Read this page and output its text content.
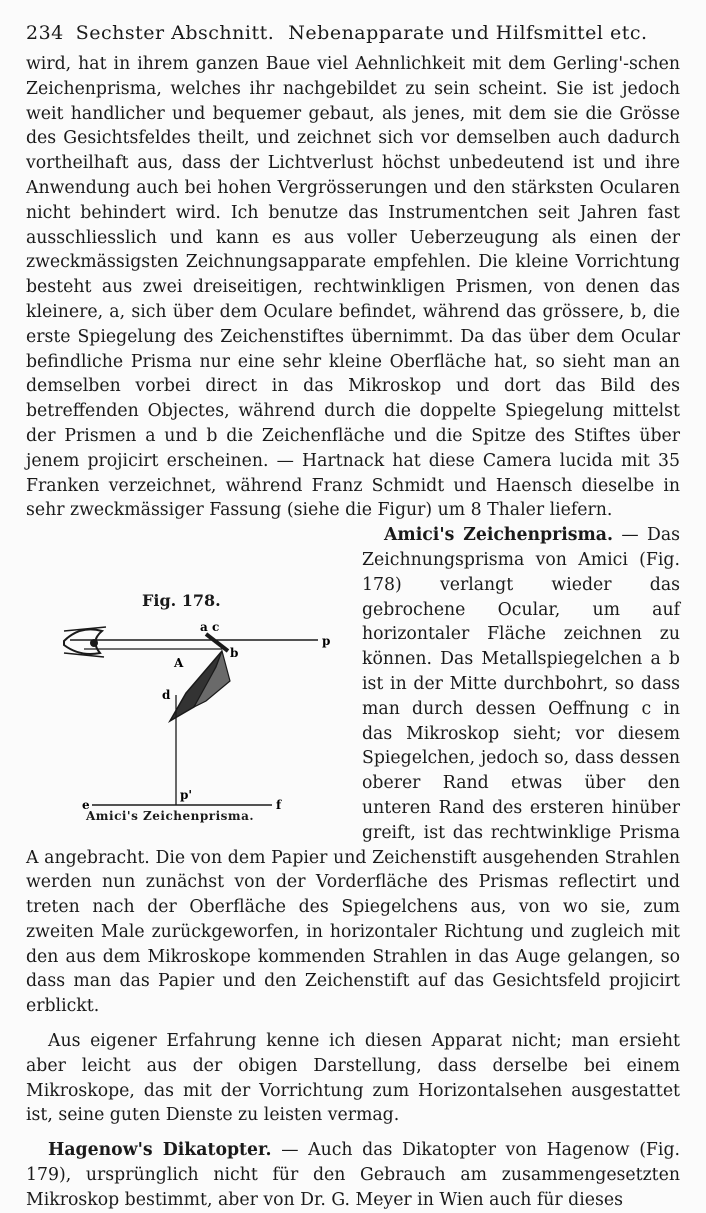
234 Sechster Abschnitt. Nebenapparate und Hilfsmittel etc.

wird, hat in ihrem ganzen Baue viel Aehnlichkeit mit dem Gerling'-schen Zeichenprisma, welches ihr nachgebildet zu sein scheint. Sie ist jedoch weit handlicher und bequemer gebaut, als jenes, mit dem sie die Grösse des Gesichtsfeldes theilt, und zeichnet sich vor demselben auch dadurch vortheilhaft aus, dass der Lichtverlust höchst unbedeutend ist und ihre Anwendung auch bei hohen Vergrösserungen und den stärksten Ocularen nicht behindert wird. Ich benutze das Instrumentchen seit Jahren fast ausschliesslich und kann es aus voller Ueberzeugung als einen der zweckmässigsten Zeichnungsapparate empfehlen. Die kleine Vorrichtung besteht aus zwei dreiseitigen, rechtwinkligen Prismen, von denen das kleinere, a, sich über dem Oculare befindet, während das grössere, b, die erste Spiegelung des Zeichenstiftes übernimmt. Da das über dem Ocular befindliche Prisma nur eine sehr kleine Oberfläche hat, so sieht man an demselben vorbei direct in das Mikroskop und dort das Bild des betreffenden Objectes, während durch die doppelte Spiegelung mittelst der Prismen a und b die Zeichenfläche und die Spitze des Stiftes über jenem projicirt erscheinen. — Hartnack hat diese Camera lucida mit 35 Franken verzeichnet, während Franz Schmidt und Haensch dieselbe in sehr zweckmässiger Fassung (siehe die Figur) um 8 Thaler liefern.

Fig. 178.
a c
b
p
A
d
p'
e	f
Amici's Zeichenprisma.

Amici's Zeichenprisma. — Das Zeichnungsprisma von Amici (Fig. 178) verlangt wieder das gebrochene Ocular, um auf horizontaler Fläche zeichnen zu können. Das Metallspiegelchen a b ist in der Mitte durchbohrt, so dass man durch dessen Oeffnung c in das Mikroskop sieht; vor diesem Spiegelchen, jedoch so, dass dessen oberer Rand etwas über den unteren Rand des ersteren hinüber greift, ist das rechtwinklige Prisma A angebracht. Die von dem Papier und Zeichenstift ausgehenden Strahlen werden nun zunächst von der Vorderfläche des Prismas reflectirt und treten nach der Oberfläche des Spiegelchens aus, von wo sie, zum zweiten Male zurückgeworfen, in horizontaler Richtung und zugleich mit den aus dem Mikroskope kommenden Strahlen in das Auge gelangen, so dass man das Papier und den Zeichenstift auf das Gesichtsfeld projicirt erblickt.

Aus eigener Erfahrung kenne ich diesen Apparat nicht; man ersieht aber leicht aus der obigen Darstellung, dass derselbe bei einem Mikroskope, das mit der Vorrichtung zum Horizontalsehen ausgestattet ist, seine guten Dienste zu leisten vermag.

Hagenow's Dikatopter. — Auch das Dikatopter von Hagenow (Fig. 179), ursprünglich nicht für den Gebrauch am zusammengesetzten Mikroskop bestimmt, aber von Dr. G. Meyer in Wien auch für dieses
